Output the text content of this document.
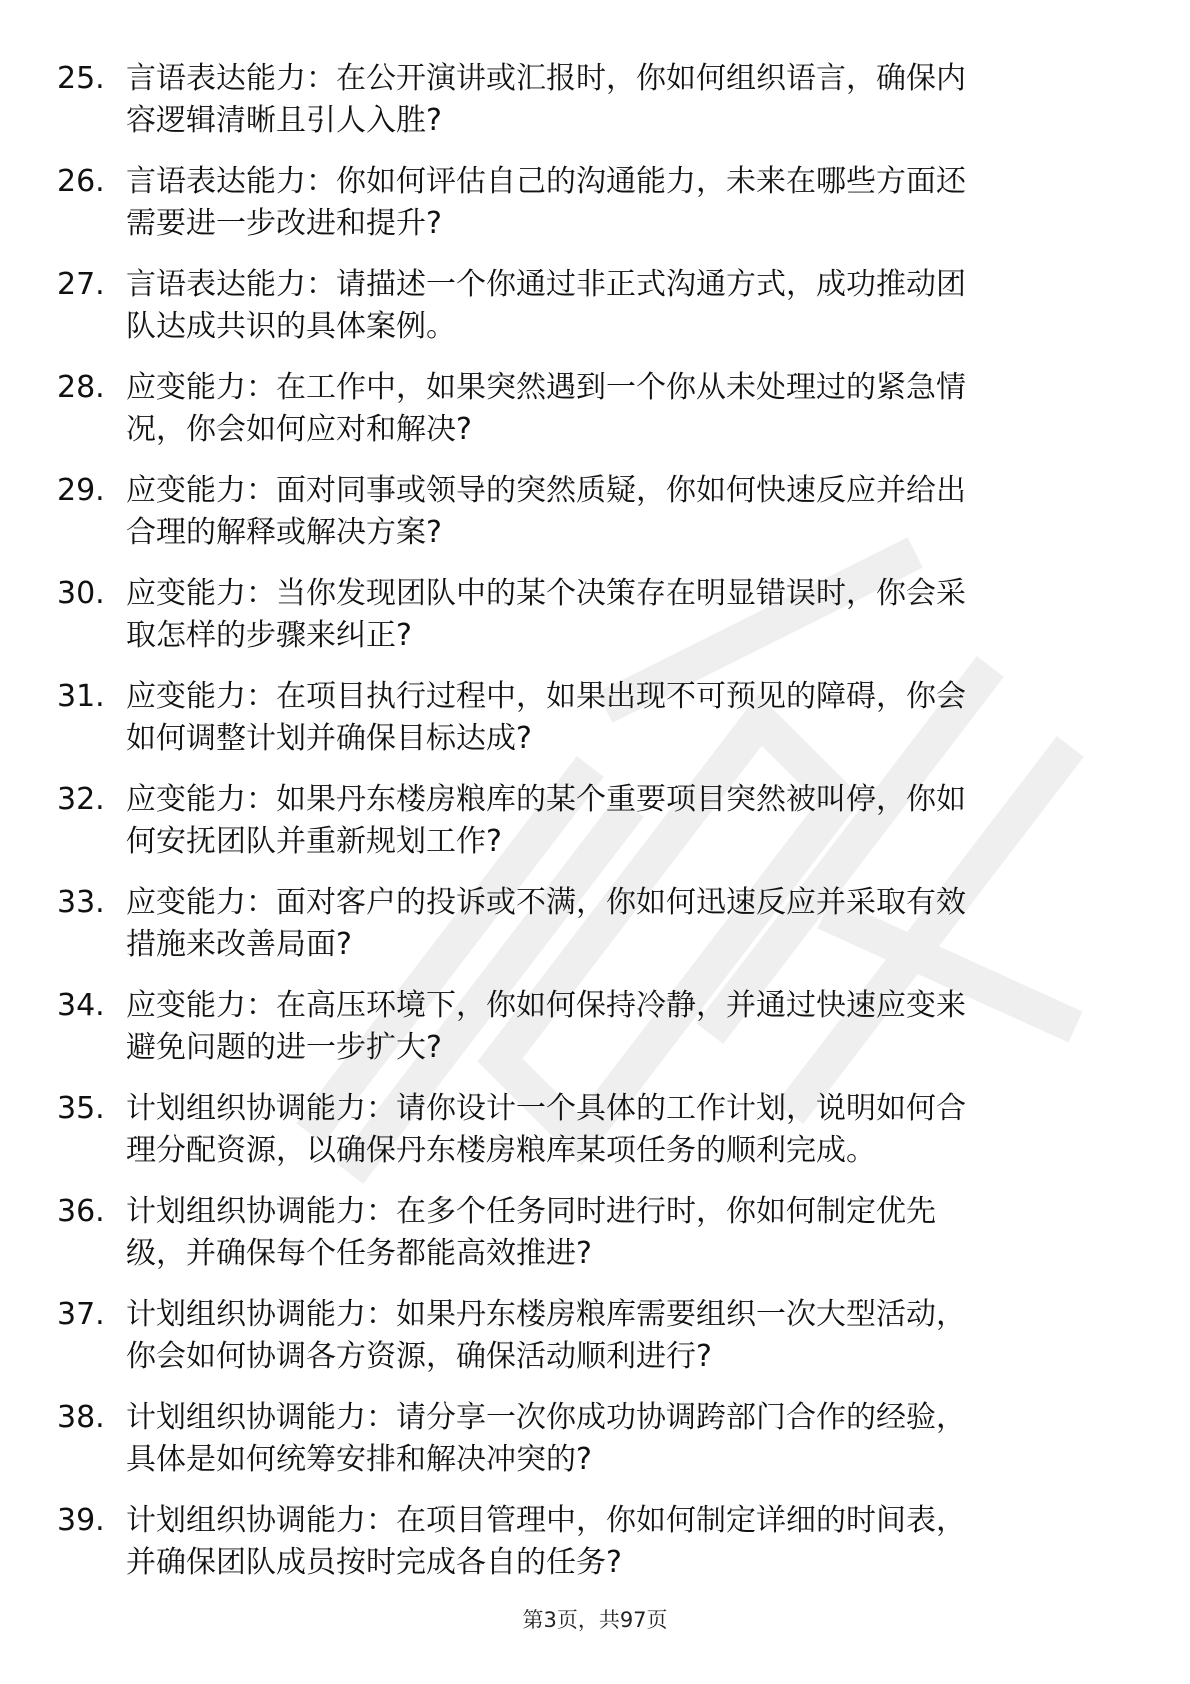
25. 言语表达能力：在公开演讲或汇报时，你如何组织语言，确保内
容逻辑清晰且引人入胜?
26. 言语表达能力：你如何评估自己的沟通能力，未来在哪些方面还
需要进一步改进和提升?
27. 言语表达能力：请描述一个你通过非正式沟通方式，成功推动团
队达成共识的具体案例。
28. 应变能力：在工作中，如果突然遇到一个你从未处理过的紧急情
况，你会如何应对和解决?
29. 应变能力：面对同事或领导的突然质疑，你如何快速反应并给出
合理的解释或解决方案?
30. 应变能力：当你发现团队中的某个决策存在明显错误时，你会采
取怎样的步骤来纠正?
31. 应变能力：在项目执行过程中，如果出现不可预见的障碍，你会
如何调整计划并确保目标达成?
32. 应变能力：如果丹东楼房粮库的某个重要项目突然被叫停，你如
何安抚团队并重新规划工作?
33. 应变能力：面对客户的投诉或不满，你如何迅速反应并采取有效
措施来改善局面?
34. 应变能力：在高压环境下，你如何保持冷静，并通过快速应变来
避免问题的进一步扩大?
35. 计划组织协调能力：请你设计一个具体的工作计划，说明如何合
理分配资源，以确保丹东楼房粮库某项任务的顺利完成。
36. 计划组织协调能力：在多个任务同时进行时，你如何制定优先
级，并确保每个任务都能高效推进?
37. 计划组织协调能力：如果丹东楼房粮库需要组织一次大型活动，
你会如何协调各方资源，确保活动顺利进行?
38. 计划组织协调能力：请分享一次你成功协调跨部门合作的经验，
具体是如何统筹安排和解决冲突的?
39. 计划组织协调能力：在项目管理中，你如何制定详细的时间表，
并确保团队成员按时完成各自的任务?
第3页，共97页
